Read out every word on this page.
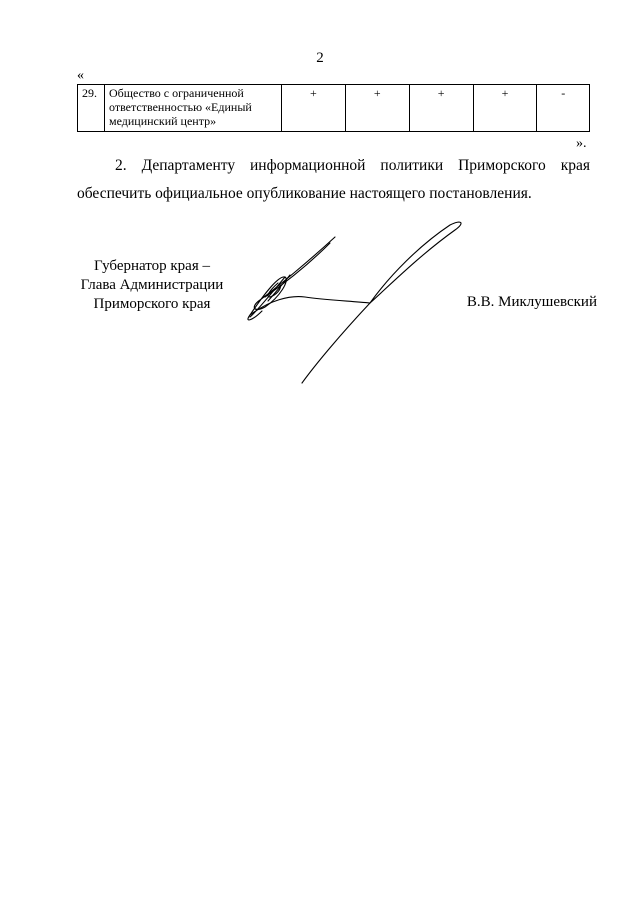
2
«
29.	Общество с ограниченной
ответственностью «Единый
медицинский центр»	+	+	+	+	-
».
2. Департаменту информационной политики Приморского края
обеспечить официальное опубликование настоящего постановления.
Губернатор края –
Глава Администрации
Приморского края	В.В. Миклушевский
